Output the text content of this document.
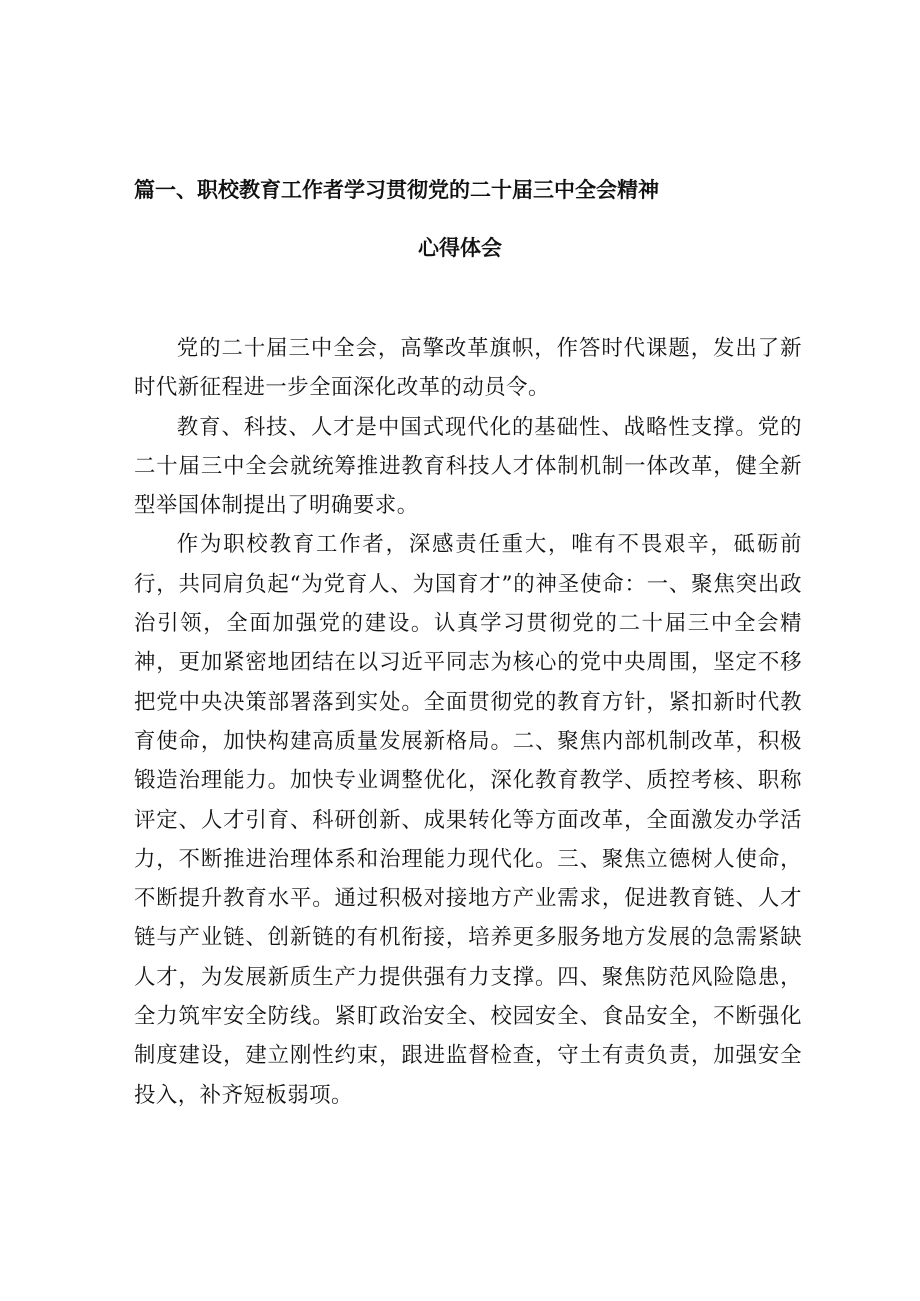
篇一、职校教育工作者学习贯彻党的二十届三中全会精神
心得体会

党的二十届三中全会，高擎改革旗帜，作答时代课题，发出了新时代新征程进一步全面深化改革的动员令。

教育、科技、人才是中国式现代化的基础性、战略性支撑。党的二十届三中全会就统筹推进教育科技人才体制机制一体改革，健全新型举国体制提出了明确要求。

作为职校教育工作者，深感责任重大，唯有不畏艰辛，砥砺前行，共同肩负起“为党育人、为国育才”的神圣使命：一、聚焦突出政治引领，全面加强党的建设。认真学习贯彻党的二十届三中全会精神，更加紧密地团结在以习近平同志为核心的党中央周围，坚定不移把党中央决策部署落到实处。全面贯彻党的教育方针，紧扣新时代教育使命，加快构建高质量发展新格局。二、聚焦内部机制改革，积极锻造治理能力。加快专业调整优化，深化教育教学、质控考核、职称评定、人才引育、科研创新、成果转化等方面改革，全面激发办学活力，不断推进治理体系和治理能力现代化。三、聚焦立德树人使命，不断提升教育水平。通过积极对接地方产业需求，促进教育链、人才链与产业链、创新链的有机衔接，培养更多服务地方发展的急需紧缺人才，为发展新质生产力提供强有力支撑。四、聚焦防范风险隐患，全力筑牢安全防线。紧盯政治安全、校园安全、食品安全，不断强化制度建设，建立刚性约束，跟进监督检查，守土有责负责，加强安全投入，补齐短板弱项。
